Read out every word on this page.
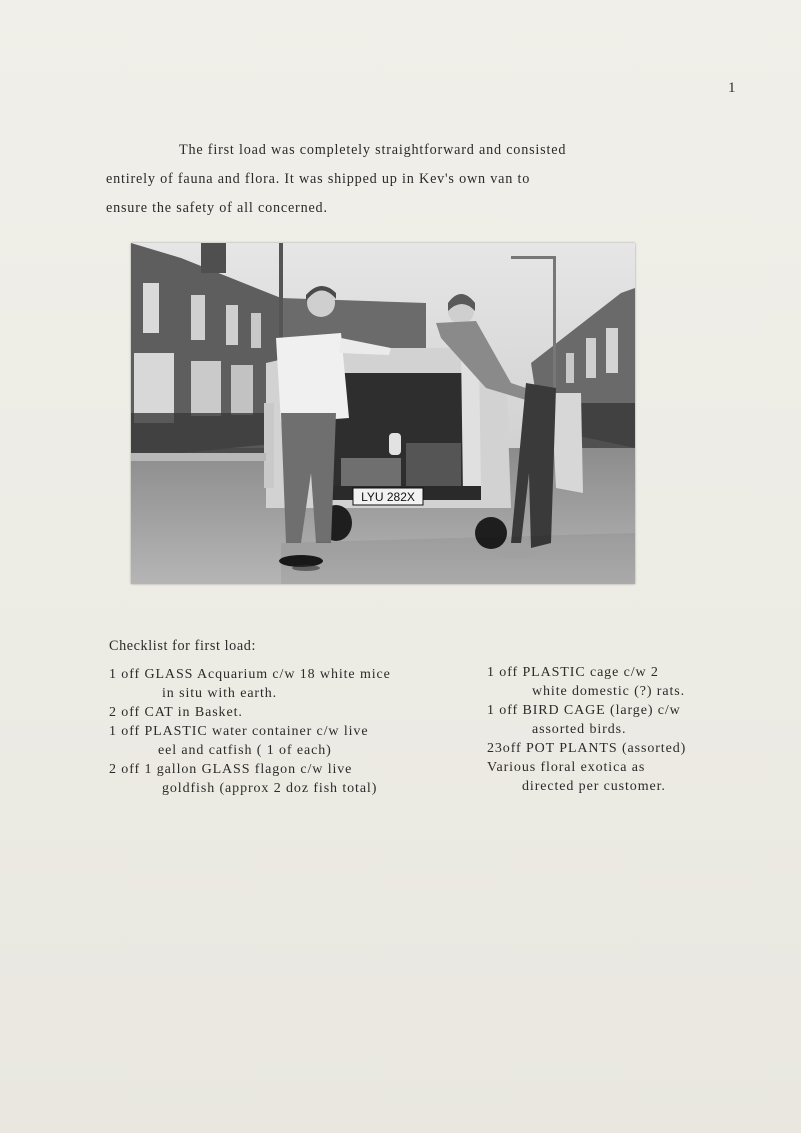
1

The first load was completely straightforward and consisted

entirely of fauna and flora. It was shipped up in Kev's own van to

ensure the safety of all concerned.

LYU 282X
Checklist for first load:
1 off GLASS Acquarium c/w 18 white mice
in situ with earth.
2 off CAT in Basket.
1 off PLASTIC water container c/w live
eel and catfish ( 1 of each)
2 off 1 gallon GLASS flagon c/w live
goldfish (approx 2 doz fish total)
1 off PLASTIC cage c/w 2
white domestic (?) rats.
1 off BIRD CAGE (large) c/w
assorted birds.
23off POT PLANTS (assorted)
Various floral exotica as
directed per customer.
